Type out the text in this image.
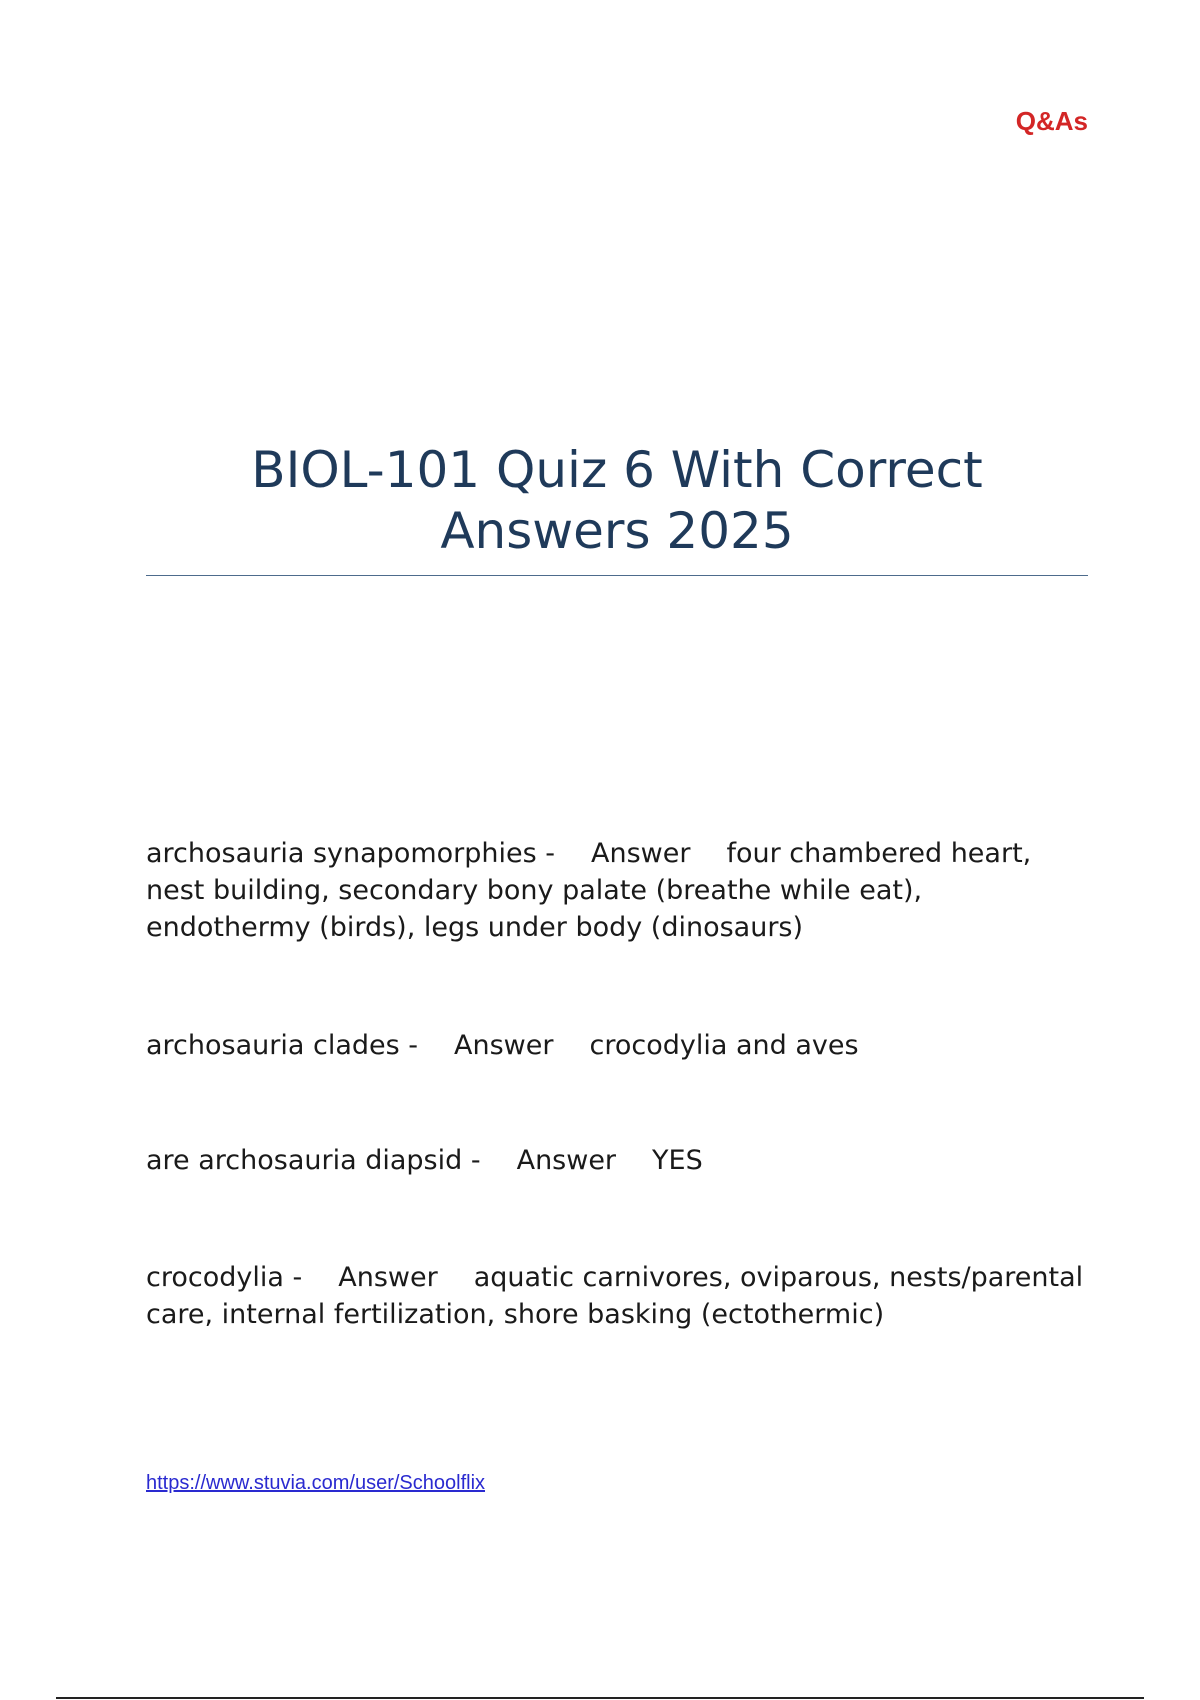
Q&As
BIOL-101 Quiz 6 With Correct Answers 2025
archosauria synapomorphies - Answer four chambered heart, nest building, secondary bony palate (breathe while eat), endothermy (birds), legs under body (dinosaurs)
archosauria clades - Answer crocodylia and aves
are archosauria diapsid - Answer YES
crocodylia - Answer aquatic carnivores, oviparous, nests/parental care, internal fertilization, shore basking (ectothermic)
https://www.stuvia.com/user/Schoolflix
